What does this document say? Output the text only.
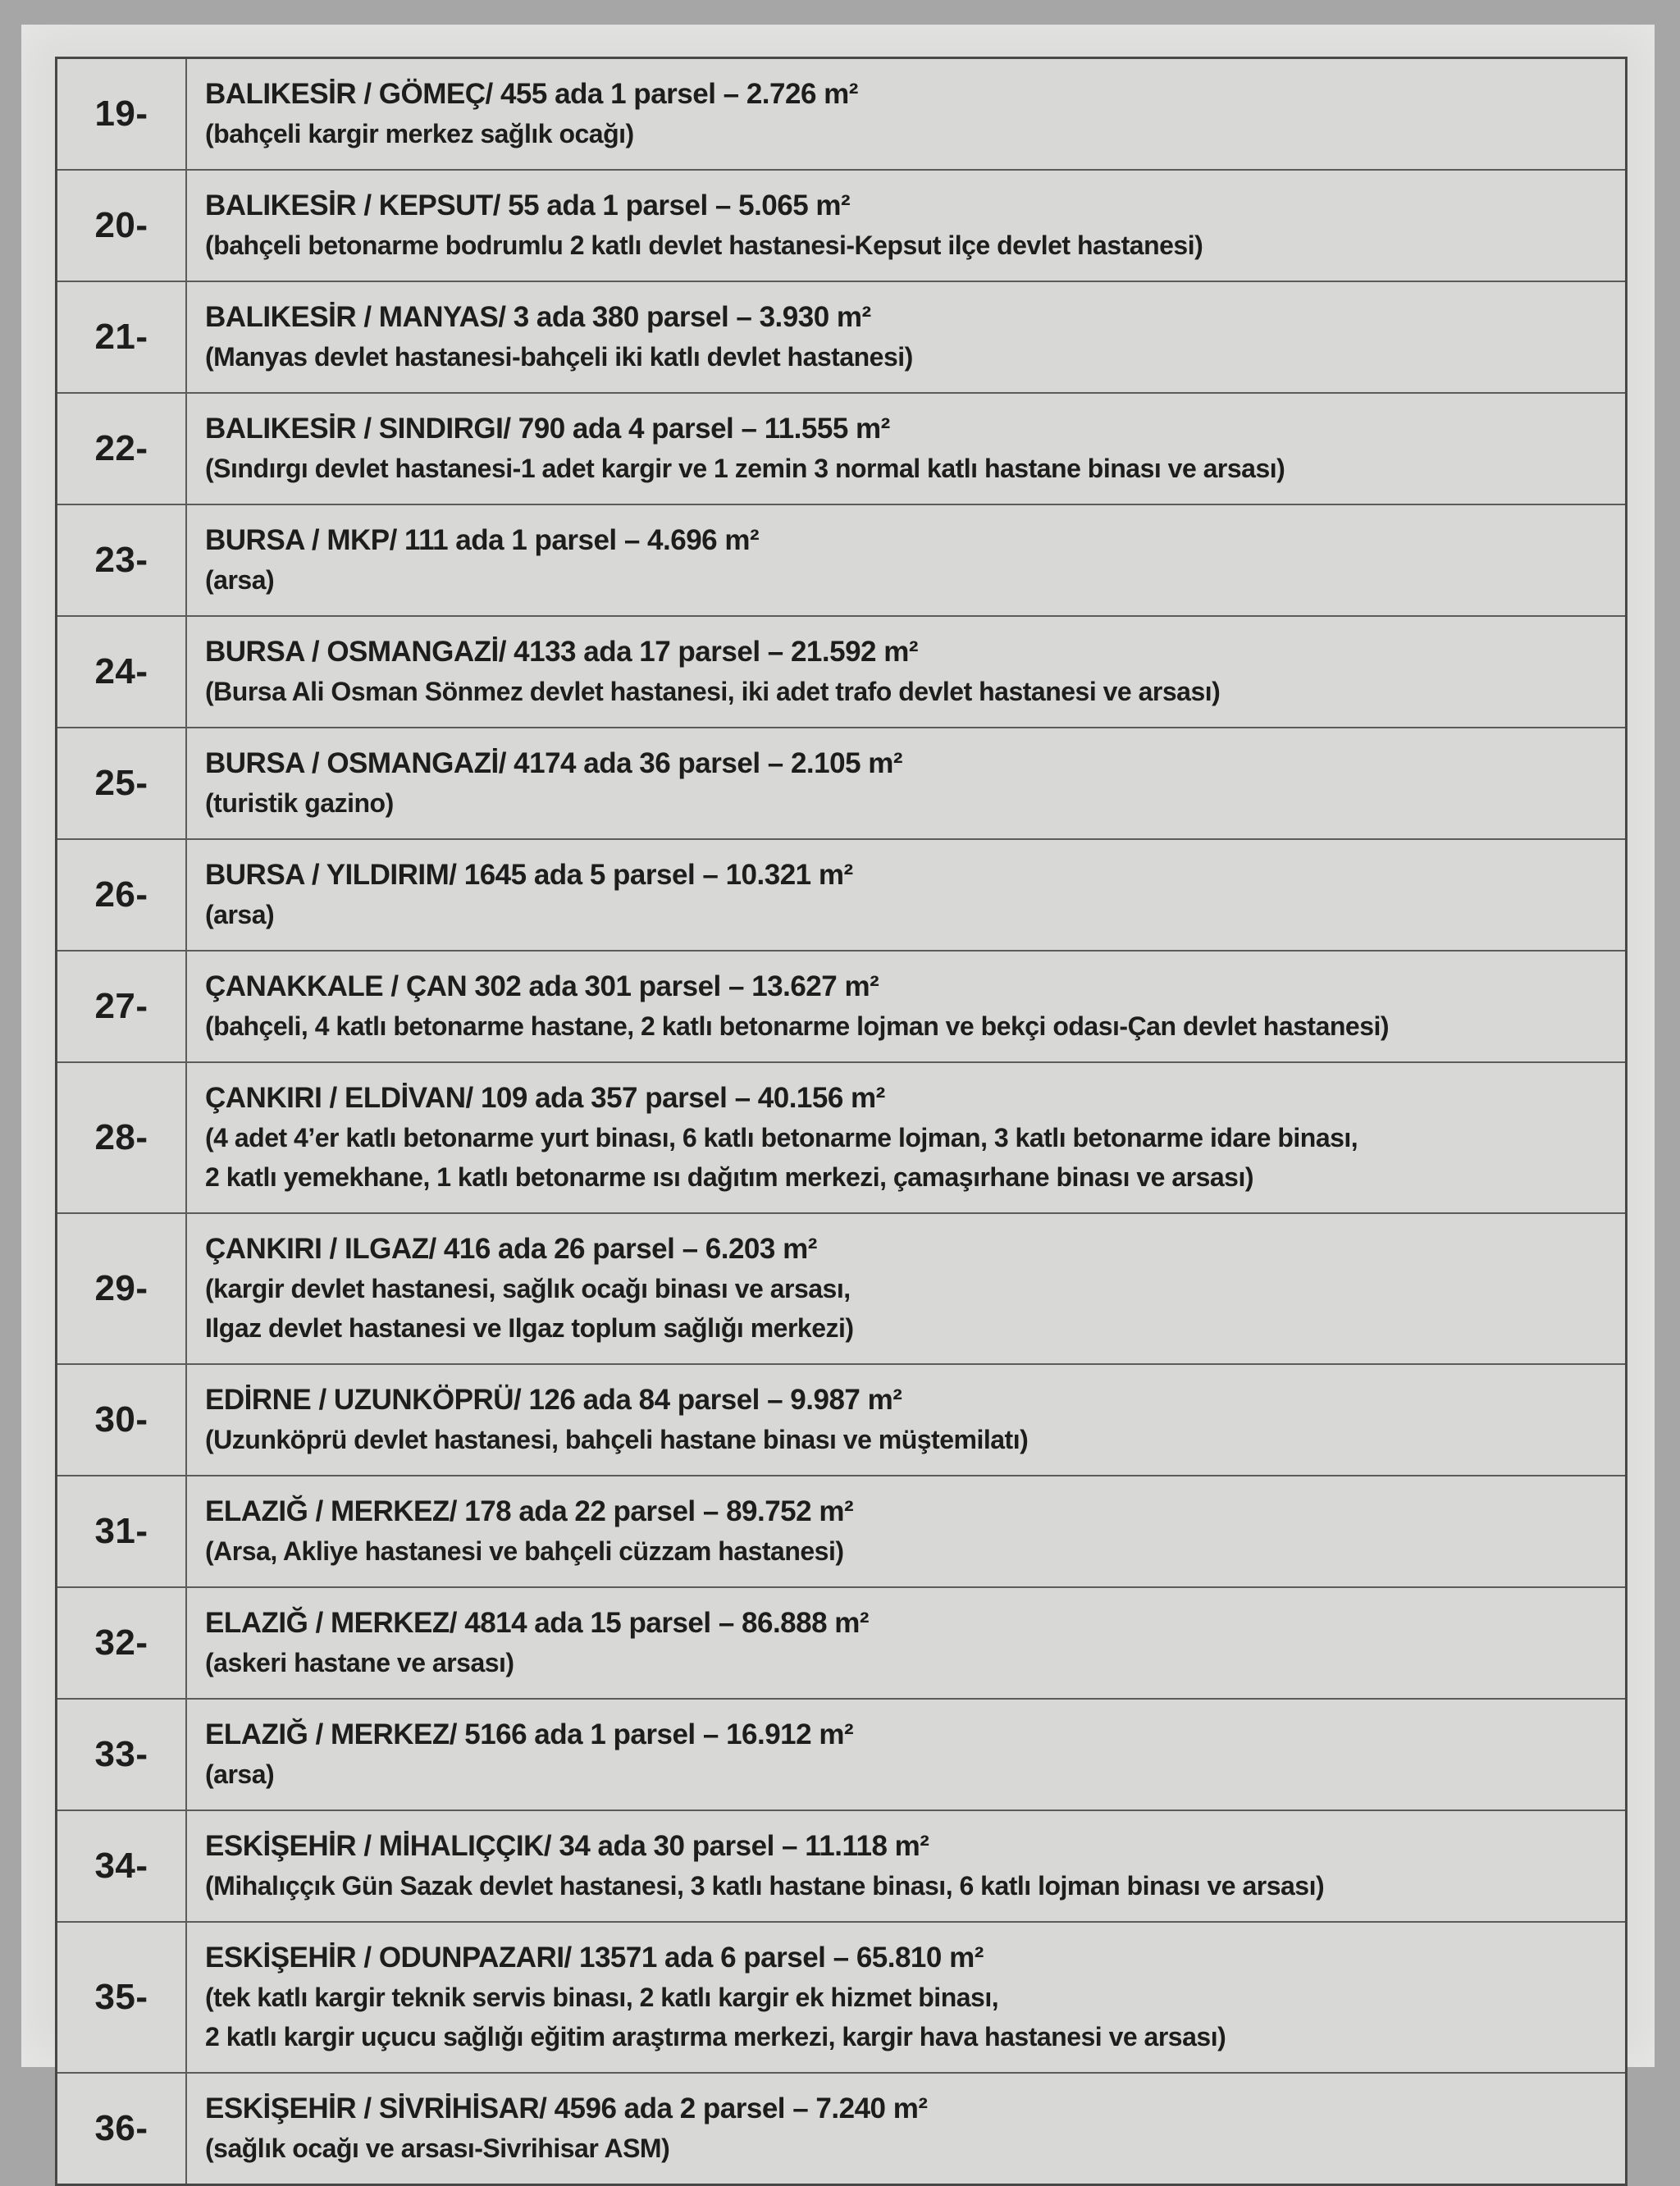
19-	BALIKESİR / GÖMEÇ/ 455 ada 1 parsel – 2.726 m²
(bahçeli kargir merkez sağlık ocağı)
20-	BALIKESİR / KEPSUT/ 55 ada 1 parsel – 5.065 m²
(bahçeli betonarme bodrumlu 2 katlı devlet hastanesi-Kepsut ilçe devlet hastanesi)
21-	BALIKESİR / MANYAS/ 3 ada 380 parsel – 3.930 m²
(Manyas devlet hastanesi-bahçeli iki katlı devlet hastanesi)
22-	BALIKESİR / SINDIRGI/ 790 ada 4 parsel – 11.555 m²
(Sındırgı devlet hastanesi-1 adet kargir ve 1 zemin 3 normal katlı hastane binası ve arsası)
23-	BURSA / MKP/ 111 ada 1 parsel – 4.696 m²
(arsa)
24-	BURSA / OSMANGAZİ/ 4133 ada 17 parsel – 21.592 m²
(Bursa Ali Osman Sönmez devlet hastanesi, iki adet trafo devlet hastanesi ve arsası)
25-	BURSA / OSMANGAZİ/ 4174 ada 36 parsel – 2.105 m²
(turistik gazino)
26-	BURSA / YILDIRIM/ 1645 ada 5 parsel – 10.321 m²
(arsa)
27-	ÇANAKKALE / ÇAN 302 ada 301 parsel – 13.627 m²
(bahçeli, 4 katlı betonarme hastane, 2 katlı betonarme lojman ve bekçi odası-Çan devlet hastanesi)
28-
ÇANKIRI / ELDİVAN/ 109 ada 357 parsel – 40.156 m²
(4 adet 4’er katlı betonarme yurt binası, 6 katlı betonarme lojman, 3 katlı betonarme idare binası,
2 katlı yemekhane, 1 katlı betonarme ısı dağıtım merkezi, çamaşırhane binası ve arsası)
29-
ÇANKIRI / ILGAZ/ 416 ada 26 parsel – 6.203 m²
(kargir devlet hastanesi, sağlık ocağı binası ve arsası,
Ilgaz devlet hastanesi ve Ilgaz toplum sağlığı merkezi)
30-	EDİRNE / UZUNKÖPRÜ/ 126 ada 84 parsel – 9.987 m²
(Uzunköprü devlet hastanesi, bahçeli hastane binası ve müştemilatı)
31-	ELAZIĞ / MERKEZ/ 178 ada 22 parsel – 89.752 m²
(Arsa, Akliye hastanesi ve bahçeli cüzzam hastanesi)
32-	ELAZIĞ / MERKEZ/ 4814 ada 15 parsel – 86.888 m²
(askeri hastane ve arsası)
33-	ELAZIĞ / MERKEZ/ 5166 ada 1 parsel – 16.912 m²
(arsa)
34-	ESKİŞEHİR / MİHALIÇÇIK/ 34 ada 30 parsel – 11.118 m²
(Mihalıççık Gün Sazak devlet hastanesi, 3 katlı hastane binası, 6 katlı lojman binası ve arsası)
35-
ESKİŞEHİR / ODUNPAZARI/ 13571 ada 6 parsel – 65.810 m²
(tek katlı kargir teknik servis binası, 2 katlı kargir ek hizmet binası,
2 katlı kargir uçucu sağlığı eğitim araştırma merkezi, kargir hava hastanesi ve arsası)
36-	ESKİŞEHİR / SİVRİHİSAR/ 4596 ada 2 parsel – 7.240 m²
(sağlık ocağı ve arsası-Sivrihisar ASM)
